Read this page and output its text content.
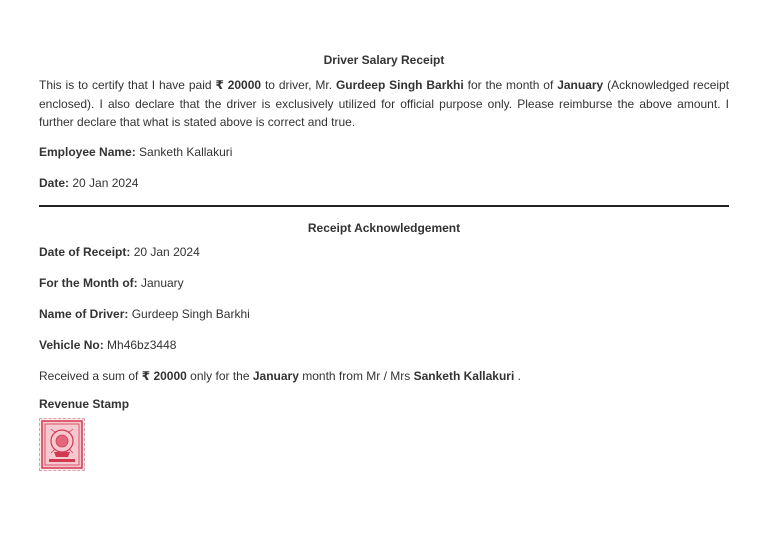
Driver Salary Receipt
This is to certify that I have paid ₹ 20000 to driver, Mr. Gurdeep Singh Barkhi for the month of January (Acknowledged receipt enclosed). I also declare that the driver is exclusively utilized for official purpose only. Please reimburse the above amount. I further declare that what is stated above is correct and true.
Employee Name: Sanketh Kallakuri
Date: 20 Jan 2024
Receipt Acknowledgement
Date of Receipt: 20 Jan 2024
For the Month of: January
Name of Driver: Gurdeep Singh Barkhi
Vehicle No: Mh46bz3448
Received a sum of ₹ 20000 only for the January month from Mr / Mrs Sanketh Kallakuri .
Revenue Stamp
